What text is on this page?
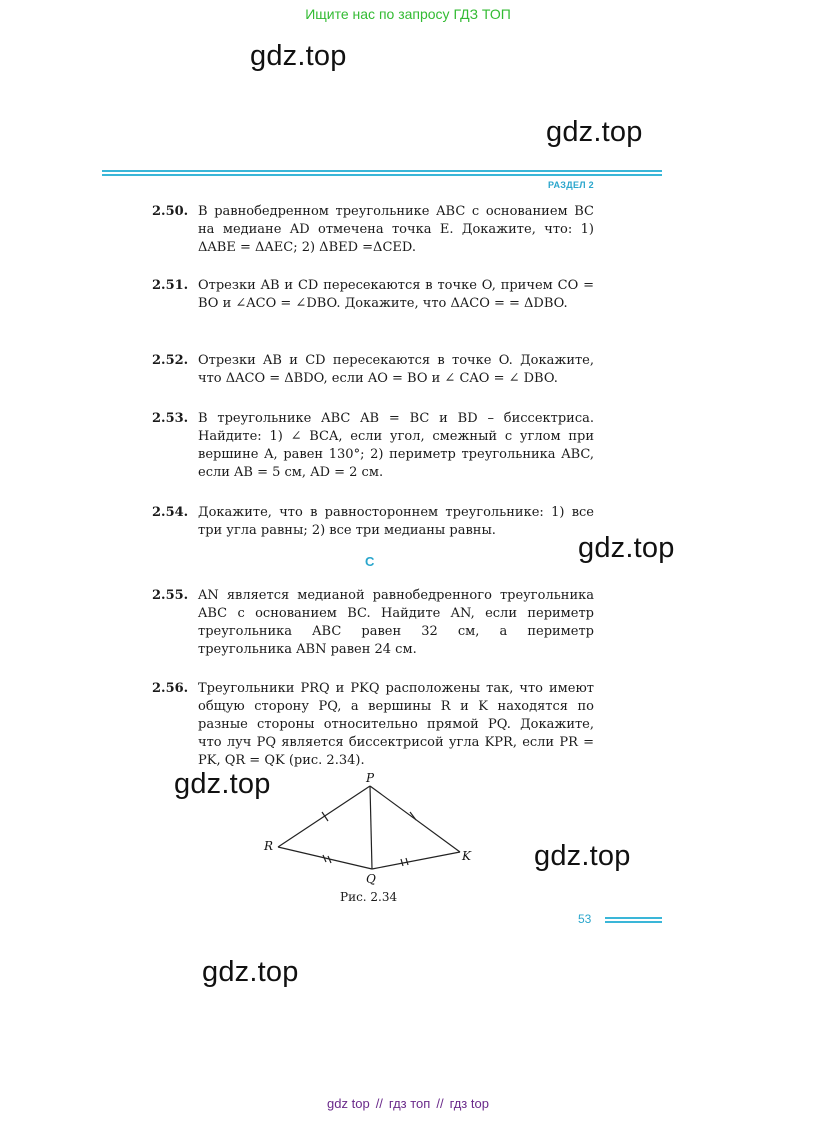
Ищите нас по запросу ГДЗ ТОП
gdz.top
gdz.top
gdz.top
gdz.top
gdz.top
gdz.top
РАЗДЕЛ 2
2.50. В равнобедренном треугольнике ABC с основанием BC на медиане AD отмечена точка E. Докажите, что: 1) ΔABE = ΔAEC; 2) ΔBED =ΔCED.
2.51. Отрезки AB и CD пересекаются в точке O, причем CO = BO и ∠ACO = ∠DBO. Докажите, что ΔACO = = ΔDBO.
2.52. Отрезки AB и CD пересекаются в точке O. Докажите, что ΔACO = ΔBDO, если AO = BO и ∠ CAO = ∠ DBO.
2.53. В треугольнике ABC AB = BC и BD – биссектриса. Найдите: 1) ∠ BCA, если угол, смежный с углом при вершине A, равен 130°; 2) периметр треугольника ABC, если AB = 5 см, AD = 2 см.
2.54. Докажите, что в равностороннем треугольнике: 1) все три угла равны; 2) все три медианы равны.
C
2.55. AN является медианой равнобедренного треугольника ABC с основанием BC. Найдите AN, если периметр треугольника ABC равен 32 см, а периметр треугольника ABN равен 24 см.
2.56. Треугольники PRQ и PKQ расположены так, что имеют общую сторону PQ, а вершины R и K находятся по разные стороны относительно прямой PQ. Докажите, что луч PQ является биссектрисой угла KPR, если PR = PK, QR = QK (рис. 2.34).
P
R
Q
K
Рис. 2.34
53
gdz top // гдз топ // гдз top
